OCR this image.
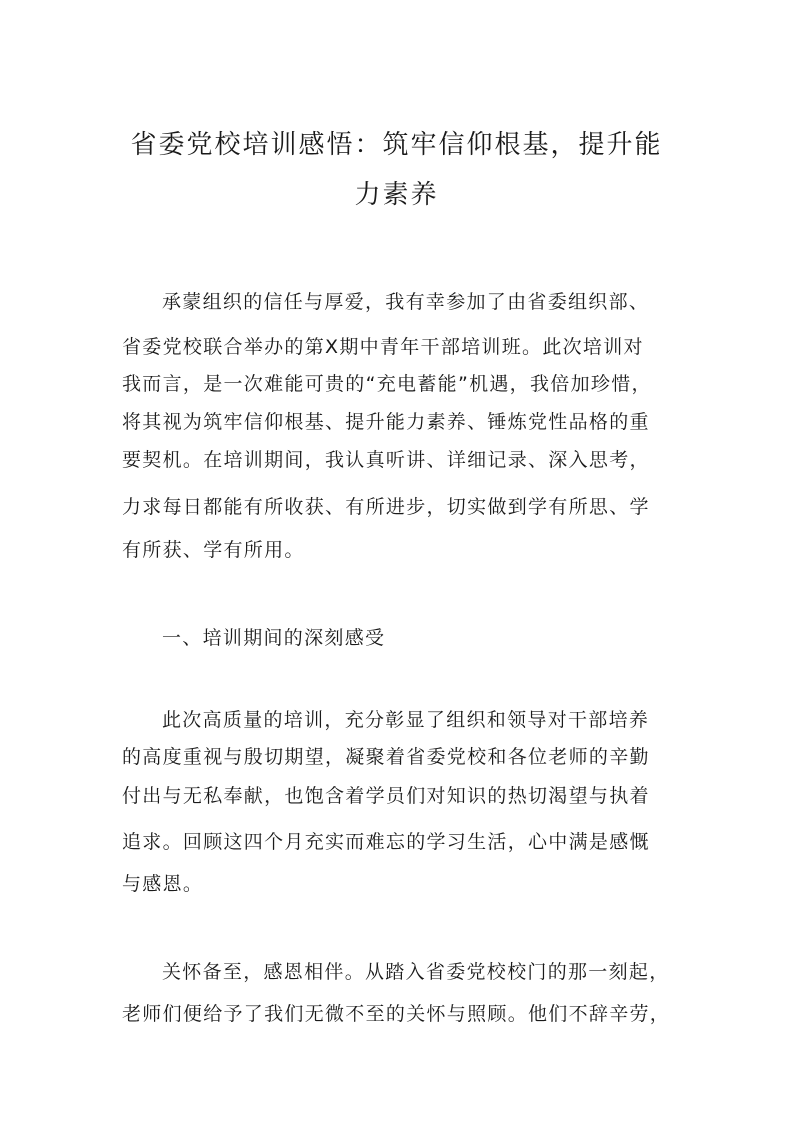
省委党校培训感悟：筑牢信仰根基，提升能
力素养

承蒙组织的信任与厚爱，我有幸参加了由省委组织部、

省委党校联合举办的第X期中青年干部培训班。此次培训对

我而言，是一次难能可贵的“充电蓄能”机遇，我倍加珍惜，

将其视为筑牢信仰根基、提升能力素养、锤炼党性品格的重

要契机。在培训期间，我认真听讲、详细记录、深入思考，

力求每日都能有所收获、有所进步，切实做到学有所思、学

有所获、学有所用。

一、培训期间的深刻感受

此次高质量的培训，充分彰显了组织和领导对干部培养

的高度重视与殷切期望，凝聚着省委党校和各位老师的辛勤

付出与无私奉献，也饱含着学员们对知识的热切渴望与执着

追求。回顾这四个月充实而难忘的学习生活，心中满是感慨

与感恩。

关怀备至，感恩相伴。从踏入省委党校校门的那一刻起，

老师们便给予了我们无微不至的关怀与照顾。他们不辞辛劳，
